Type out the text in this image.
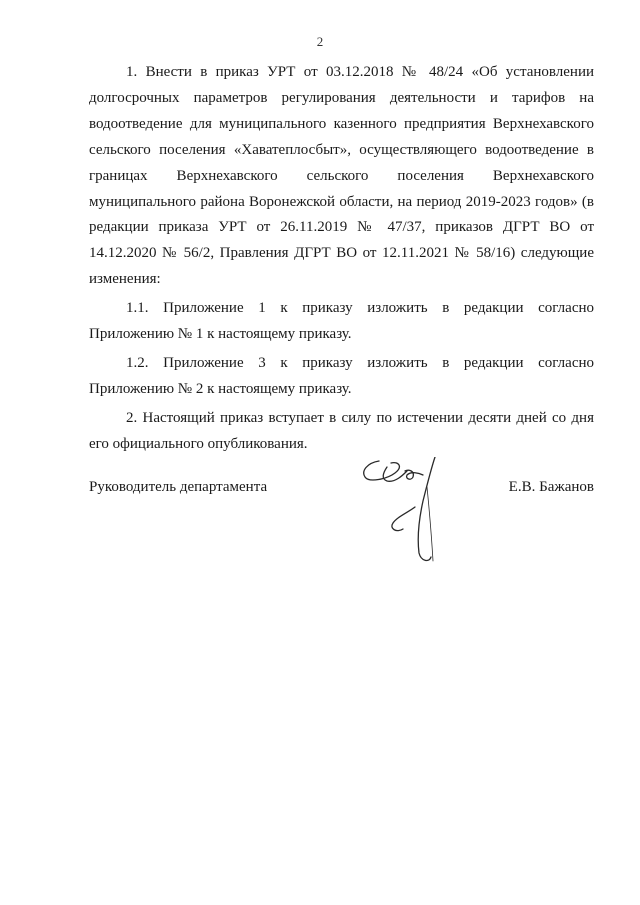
2

1. Внести в приказ УРТ от 03.12.2018 № 48/24 «Об установлении долгосрочных параметров регулирования деятельности и тарифов на водоотведение для муниципального казенного предприятия Верхнехавского сельского поселения «Хаватеплосбыт», осуществляющего водоотведение в границах Верхнехавского сельского поселения Верхнехавского муниципального района Воронежской области, на период 2019-2023 годов» (в редакции приказа УРТ от 26.11.2019 № 47/37, приказов ДГРТ ВО от 14.12.2020 № 56/2, Правления ДГРТ ВО от 12.11.2021 № 58/16) следующие изменения:

1.1. Приложение 1 к приказу изложить в редакции согласно Приложению № 1 к настоящему приказу.

1.2. Приложение 3 к приказу изложить в редакции согласно Приложению № 2 к настоящему приказу.

2. Настоящий приказ вступает в силу по истечении десяти дней со дня его официального опубликования.

Руководитель департамента	Е.В. Бажанов
